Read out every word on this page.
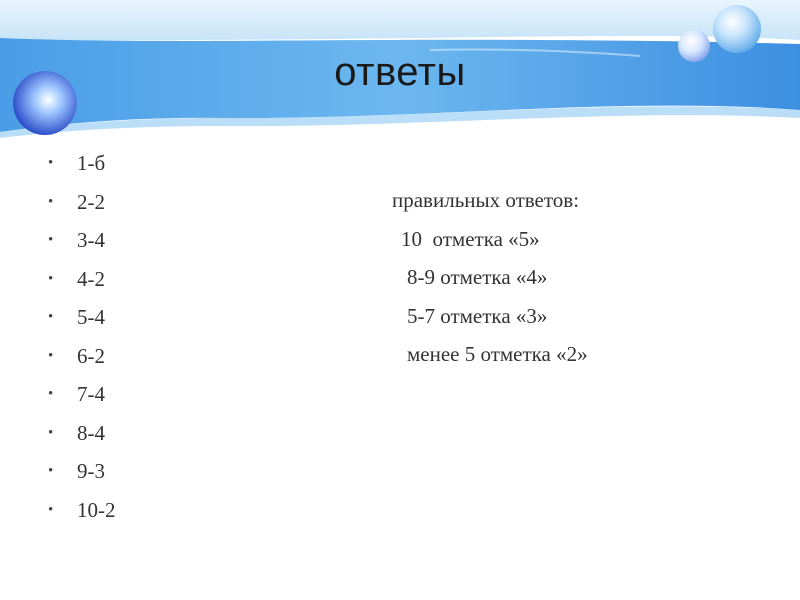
ответы
• 1-б
• 2-2
• 3-4
• 4-2
• 5-4
• 6-2
• 7-4
• 8-4
• 9-3
• 10-2
правильных ответов:
10  отметка «5»
8-9 отметка «4»
5-7 отметка «3»
менее 5 отметка «2»
